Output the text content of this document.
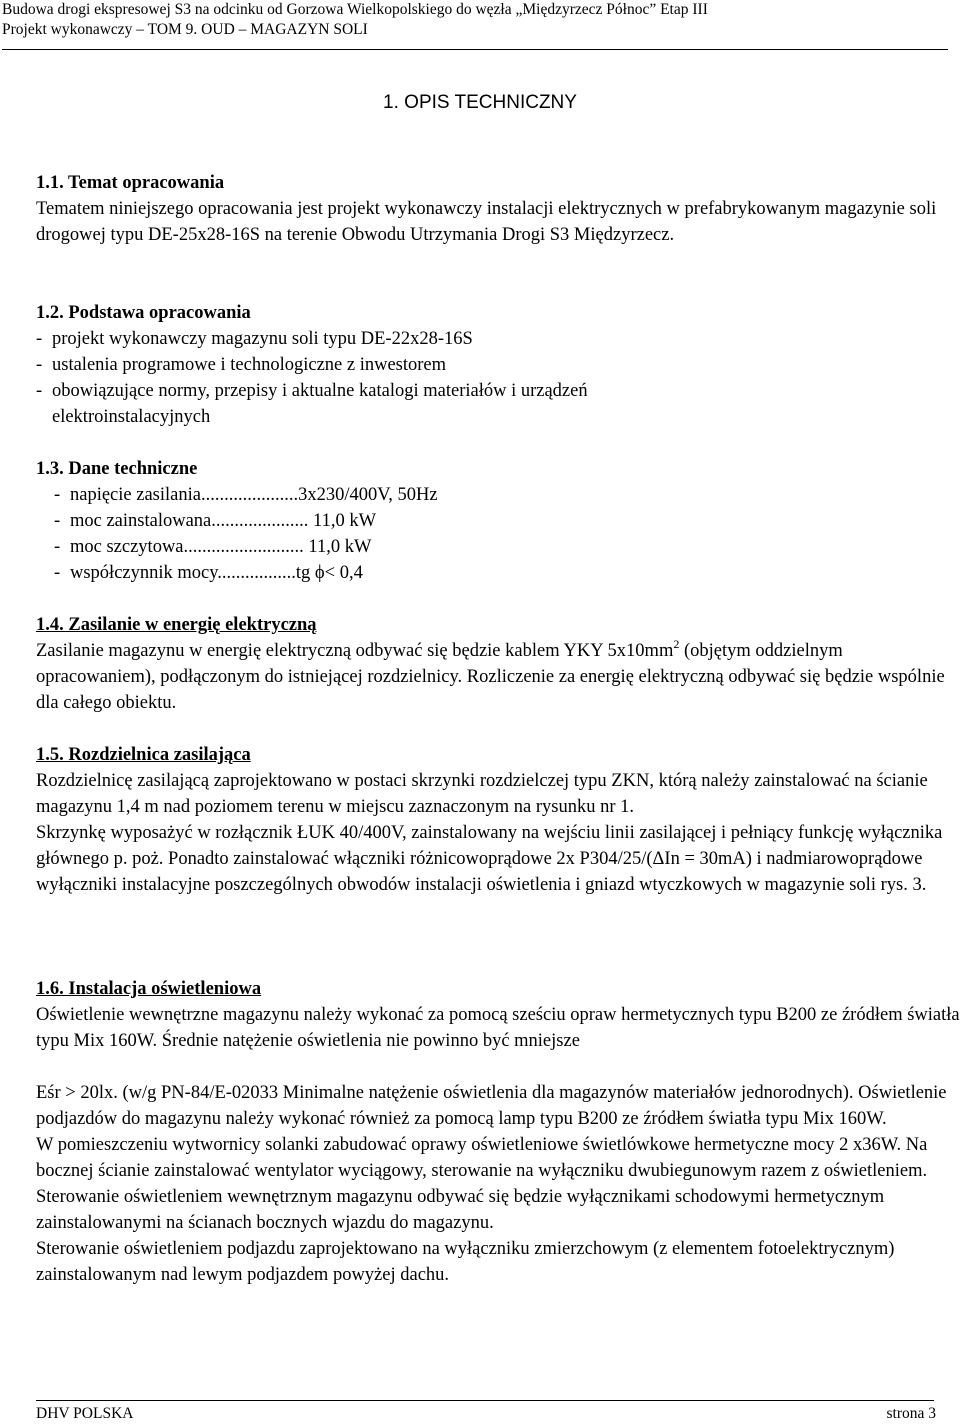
Budowa drogi ekspresowej S3 na odcinku od Gorzowa Wielkopolskiego do węzła „Międzyrzecz Północ” Etap III
Projekt wykonawczy – TOM 9. OUD – MAGAZYN SOLI
1. OPIS TECHNICZNY

1.1. Temat opracowania

Tematem niniejszego opracowania jest projekt wykonawczy instalacji elektrycznych w prefabrykowanym magazynie soli drogowej typu DE-25x28-16S na terenie Obwodu Utrzymania Drogi S3 Międzyrzecz.

1.2. Podstawa opracowania

- projekt wykonawczy magazynu soli typu DE-22x28-16S

- ustalenia programowe i technologiczne z inwestorem

- obowiązujące normy, przepisy i aktualne katalogi materiałów i urządzeń

elektroinstalacyjnych

1.3. Dane techniczne

- napięcie zasilania.....................3x230/400V, 50Hz

- moc zainstalowana..................... 11,0 kW

- moc szczytowa.......................... 11,0 kW

- współczynnik mocy.................tg ϕ< 0,4

1.4. Zasilanie w energię elektryczną

Zasilanie magazynu w energię elektryczną odbywać się będzie kablem YKY $5x10mm^2$ (objętym oddzielnym opracowaniem), podłączonym do istniejącej rozdzielnicy. Rozliczenie za energię elektryczną odbywać się będzie wspólnie dla całego obiektu.

1.5. Rozdzielnica zasilająca

Rozdzielnicę zasilającą zaprojektowano w postaci skrzynki rozdzielczej typu ZKN, którą należy zainstalować na ścianie magazynu 1,4 m nad poziomem terenu w miejscu zaznaczonym na rysunku nr 1.

Skrzynkę wyposażyć w rozłącznik ŁUK 40/400V, zainstalowany na wejściu linii zasilającej i pełniący funkcję wyłącznika głównego p. poż. Ponadto zainstalować włączniki różnicowoprądowe 2x P304/25/(ΔIn = 30mA) i nadmiarowoprądowe wyłączniki instalacyjne poszczególnych obwodów instalacji oświetlenia i gniazd wtyczkowych w magazynie soli rys. 3.

1.6. Instalacja oświetleniowa

Oświetlenie wewnętrzne magazynu należy wykonać za pomocą sześciu opraw hermetycznych typu B200 ze źródłem światła typu Mix 160W. Średnie natężenie oświetlenia nie powinno być mniejsze

Eśr > 20lx. (w/g PN-84/E-02033 Minimalne natężenie oświetlenia dla magazynów materiałów jednorodnych). Oświetlenie podjazdów do magazynu należy wykonać również za pomocą lamp typu B200 ze źródłem światła typu Mix 160W.

W pomieszczeniu wytwornicy solanki zabudować oprawy oświetleniowe świetlówkowe hermetyczne mocy 2 x36W. Na bocznej ścianie zainstalować wentylator wyciągowy, sterowanie na wyłączniku dwubiegunowym razem z oświetleniem.

Sterowanie oświetleniem wewnętrznym magazynu odbywać się będzie wyłącznikami schodowymi hermetycznym zainstalowanymi na ścianach bocznych wjazdu do magazynu.

Sterowanie oświetleniem podjazdu zaprojektowano na wyłączniku zmierzchowym (z elementem fotoelektrycznym) zainstalowanym nad lewym podjazdem powyżej dachu.

DHV POLSKA	strona 3
